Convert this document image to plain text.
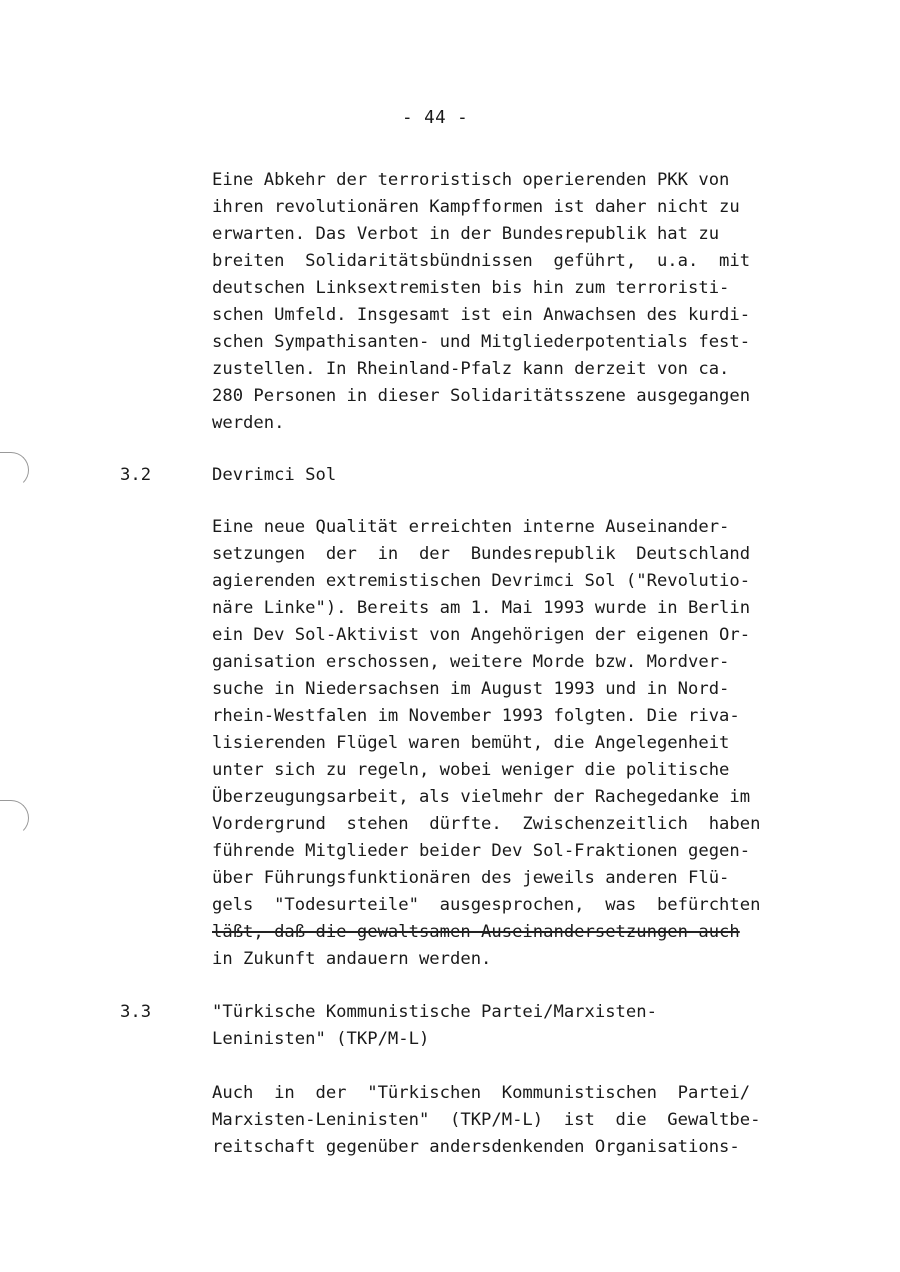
- 44 -
Eine Abkehr der terroristisch operierenden PKK von
ihren revolutionären Kampfformen ist daher nicht zu
erwarten. Das Verbot in der Bundesrepublik hat zu
breiten  Solidaritätsbündnissen  geführt,  u.a.  mit
deutschen Linksextremisten bis hin zum terroristi-
schen Umfeld. Insgesamt ist ein Anwachsen des kurdi-
schen Sympathisanten- und Mitgliederpotentials fest-
zustellen. In Rheinland-Pfalz kann derzeit von ca.
280 Personen in dieser Solidaritätsszene ausgegangen
werden.
3.2	Devrimci Sol
Eine neue Qualität erreichten interne Auseinander-
setzungen  der  in  der  Bundesrepublik  Deutschland
agierenden extremistischen Devrimci Sol ("Revolutio-
näre Linke"). Bereits am 1. Mai 1993 wurde in Berlin
ein Dev Sol-Aktivist von Angehörigen der eigenen Or-
ganisation erschossen, weitere Morde bzw. Mordver-
suche in Niedersachsen im August 1993 und in Nord-
rhein-Westfalen im November 1993 folgten. Die riva-
lisierenden Flügel waren bemüht, die Angelegenheit
unter sich zu regeln, wobei weniger die politische
Überzeugungsarbeit, als vielmehr der Rachegedanke im
Vordergrund  stehen  dürfte.  Zwischenzeitlich  haben
führende Mitglieder beider Dev Sol-Fraktionen gegen-
über Führungsfunktionären des jeweils anderen Flü-
gels  "Todesurteile"  ausgesprochen,  was  befürchten
läßt, daß die gewaltsamen Auseinandersetzungen auch
in Zukunft andauern werden.
3.3	"Türkische Kommunistische Partei/Marxisten-
Leninisten" (TKP/M-L)
Auch  in  der  "Türkischen  Kommunistischen  Partei/
Marxisten-Leninisten"  (TKP/M-L)  ist  die  Gewaltbe-
reitschaft gegenüber andersdenkenden Organisations-
